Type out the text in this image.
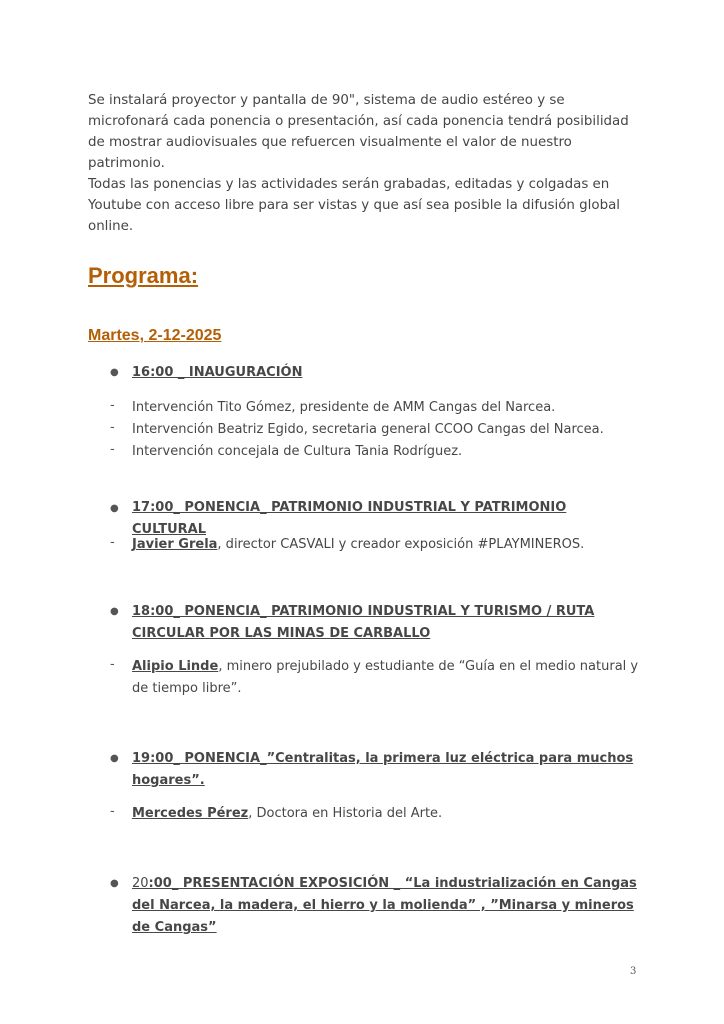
Se instalará proyector y pantalla de 90", sistema de audio estéreo y se microfonará cada ponencia o presentación, así cada ponencia tendrá posibilidad de mostrar audiovisuales que refuercen visualmente el valor de nuestro patrimonio.

Todas las ponencias y las actividades serán grabadas, editadas y colgadas en Youtube con acceso libre para ser vistas y que así sea posible la difusión global online.

Programa:
Martes, 2-12-2025
● 16:00 _ INAUGURACIÓN

- Intervención Tito Gómez, presidente de AMM Cangas del Narcea.

- Intervención Beatriz Egido, secretaria general CCOO Cangas del Narcea.

- Intervención concejala de Cultura Tania Rodríguez.

● 17:00_ PONENCIA_ PATRIMONIO INDUSTRIAL Y PATRIMONIO CULTURAL

- Javier Grela, director CASVALI y creador exposición #PLAYMINEROS.

● 18:00_ PONENCIA_ PATRIMONIO INDUSTRIAL Y TURISMO / RUTA CIRCULAR POR LAS MINAS DE CARBALLO

- Alipio Linde, minero prejubilado y estudiante de “Guía en el medio natural y de tiempo libre”.

● 19:00_ PONENCIA_”Centralitas, la primera luz eléctrica para muchos hogares”.

- Mercedes Pérez, Doctora en Historia del Arte.

● 20:00_ PRESENTACIÓN EXPOSICIÓN _ “La industrialización en Cangas del Narcea, la madera, el hierro y la molienda” , ”Minarsa y mineros de Cangas”

3
